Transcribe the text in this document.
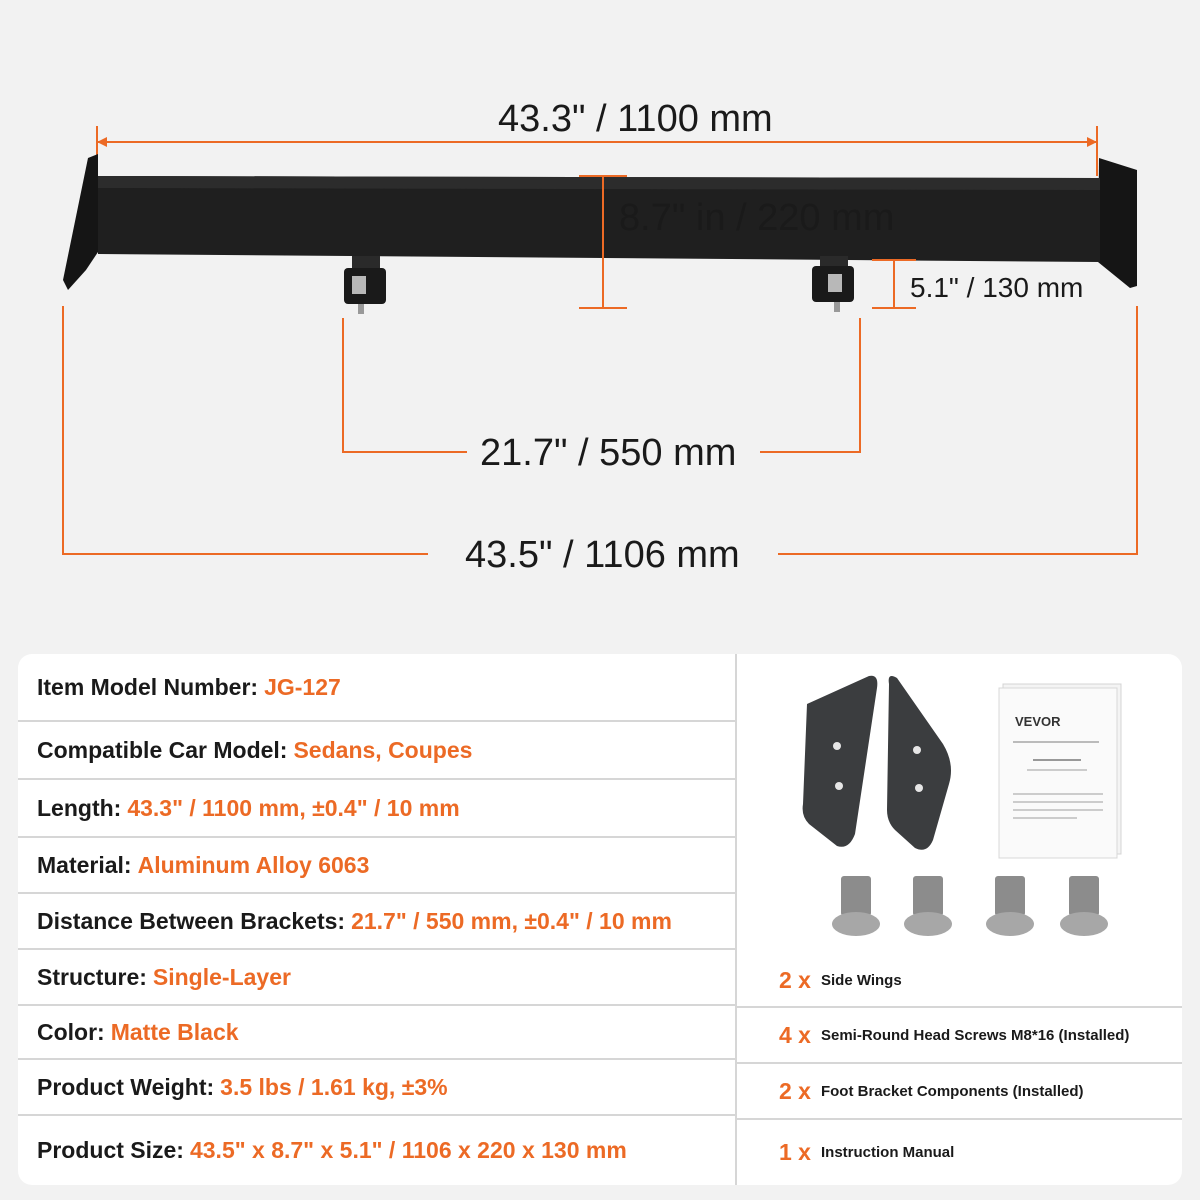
43.3" / 1100 mm
8.7" in / 220 mm
5.1" / 130 mm
21.7" / 550 mm
43.5" / 1106 mm
Item Model Number: JG-127
Compatible Car Model: Sedans, Coupes
Length: 43.3" / 1100 mm, ±0.4" / 10 mm
Material: Aluminum Alloy 6063
Distance Between Brackets: 21.7" / 550 mm, ±0.4" / 10 mm
Structure: Single-Layer
Color: Matte Black
Product Weight: 3.5 lbs / 1.61 kg, ±3%
Product Size: 43.5" x 8.7" x 5.1" / 1106 x 220 x 130 mm
VEVOR
2 x Side Wings
4 x Semi-Round Head Screws M8*16 (Installed)
2 x Foot Bracket Components (Installed)
1 x Instruction Manual
